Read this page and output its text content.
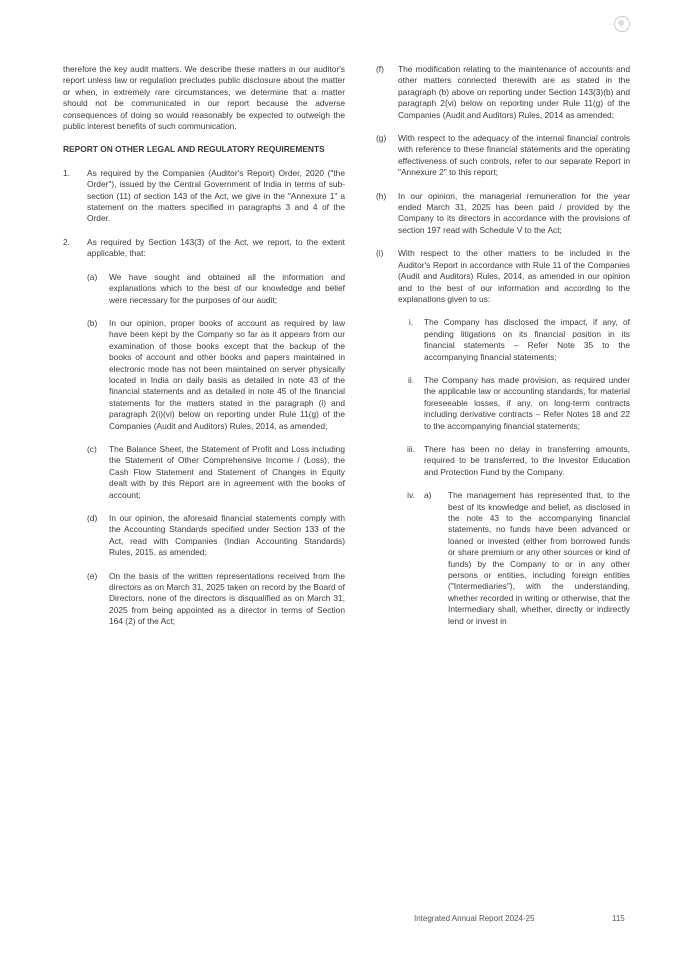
therefore the key audit matters. We describe these matters in our auditor's report unless law or regulation precludes public disclosure about the matter or when, in extremely rare circumstances, we determine that a matter should not be communicated in our report because the adverse consequences of doing so would reasonably be expected to outweigh the public interest benefits of such communication.

REPORT ON OTHER LEGAL AND REGULATORY REQUIREMENTS

1.	As required by the Companies (Auditor's Report) Order, 2020 ("the Order"), issued by the Central Government of India in terms of sub-section (11) of section 143 of the Act, we give in the "Annexure 1" a statement on the matters specified in paragraphs 3 and 4 of the Order.

2.	As required by Section 143(3) of the Act, we report, to the extent applicable, that:

(a)	We have sought and obtained all the information and explanations which to the best of our knowledge and belief were necessary for the purposes of our audit;

(b)	In our opinion, proper books of account as required by law have been kept by the Company so far as it appears from our examination of those books except that the backup of the books of account and other books and papers maintained in electronic mode has not been maintained on server physically located in India on daily basis as detailed in note 43 of the financial statements and as detailed in note 45 of the financial statements for the matters stated in the paragraph (i) and paragraph 2(i)(vi) below on reporting under Rule 11(g) of the Companies (Audit and Auditors) Rules, 2014, as amended;

(c)	The Balance Sheet, the Statement of Profit and Loss including the Statement of Other Comprehensive Income / (Loss), the Cash Flow Statement and Statement of Changes in Equity dealt with by this Report are in agreement with the books of account;

(d)	In our opinion, the aforesaid financial statements comply with the Accounting Standards specified under Section 133 of the Act, read with Companies (Indian Accounting Standards) Rules, 2015, as amended;

(e)	On the basis of the written representations received from the directors as on March 31, 2025 taken on record by the Board of Directors, none of the directors is disqualified as on March 31, 2025 from being appointed as a director in terms of Section 164 (2) of the Act;

(f)	The modification relating to the maintenance of accounts and other matters connected therewith are as stated in the paragraph (b) above on reporting under Section 143(3)(b) and paragraph 2(vi) below on reporting under Rule 11(g) of the Companies (Audit and Auditors) Rules, 2014 as amended;

(g)	With respect to the adequacy of the internal financial controls with reference to these financial statements and the operating effectiveness of such controls, refer to our separate Report in "Annexure 2" to this report;

(h)	In our opinion, the managerial remuneration for the year ended March 31, 2025 has been paid / provided by the Company to its directors in accordance with the provisions of section 197 read with Schedule V to the Act;

(i)	With respect to the other matters to be included in the Auditor's Report in accordance with Rule 11 of the Companies (Audit and Auditors) Rules, 2014, as amended in our opinion and to the best of our information and according to the explanations given to us:

i.	The Company has disclosed the impact, if any, of pending litigations on its financial position in its financial statements – Refer Note 35 to the accompanying financial statements;

ii.	The Company has made provision, as required under the applicable law or accounting standards, for material foreseeable losses, if any, on long-term contracts including derivative contracts – Refer Notes 18 and 22 to the accompanying financial statements;

iii.	There has been no delay in transferring amounts, required to be transferred, to the Investor Education and Protection Fund by the Company.

iv.	a)	The management has represented that, to the best of its knowledge and belief, as disclosed in the note 43 to the accompanying financial statements, no funds have been advanced or loaned or invested (either from borrowed funds or share premium or any other sources or kind of funds) by the Company to or in any other persons or entities, including foreign entities ("Intermediaries"), with the understanding, whether recorded in writing or otherwise, that the Intermediary shall, whether, directly or indirectly lend or invest in

Integrated Annual Report 2024-25	115
